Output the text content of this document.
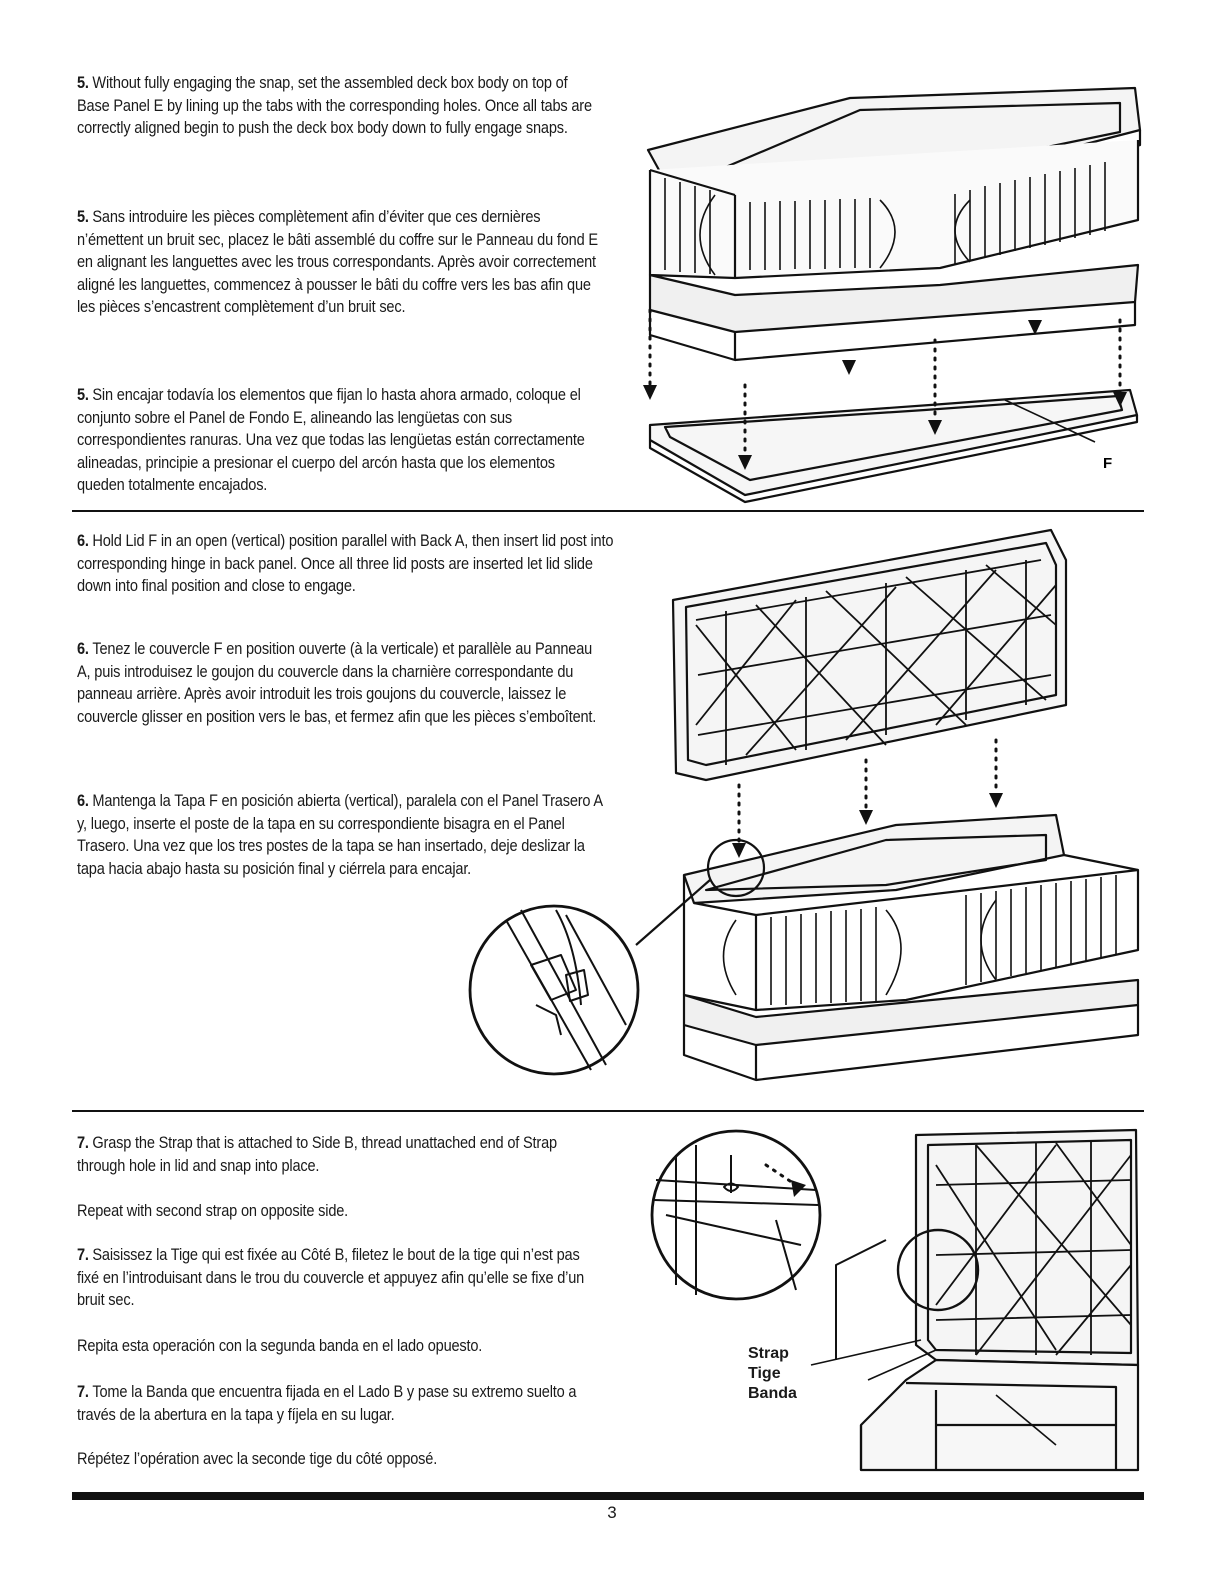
5. Without fully engaging the snap, set the assembled deck box body on top of Base Panel E by lining up the tabs with the corresponding holes. Once all tabs are correctly aligned begin to push the deck box body down to fully engage snaps.

5. Sans introduire les pièces complètement afin d’éviter que ces dernières n’émettent un bruit sec, placez le bâti assemblé du coffre sur le Panneau du fond E en alignant les languettes avec les trous correspondants. Après avoir correctement aligné les languettes, commencez à pousser le bâti du coffre vers les bas afin que les pièces s’encastrent complètement d’un bruit sec.

5. Sin encajar todavía los elementos que fijan lo hasta ahora armado, coloque el conjunto sobre el Panel de Fondo E, alineando las lengüetas con sus correspondientes ranuras. Una vez que todas las lengüetas están correctamente alineadas, principie a presionar el cuerpo del arcón hasta que los elementos queden totalmente encajados.

F

6. Hold Lid F in an open (vertical) position parallel with Back A, then insert lid post into corresponding hinge in back panel. Once all three lid posts are inserted let lid slide down into final position and close to engage.

6. Tenez le couvercle F en position ouverte (à la verticale) et parallèle au Panneau A, puis introduisez le goujon du couvercle dans la charnière correspondante du panneau arrière. Après avoir introduit les trois goujons du couvercle, laissez le couvercle glisser en position vers le bas, et fermez afin que les pièces s’emboîtent.

6. Mantenga la Tapa F en posición abierta (vertical), paralela con el Panel Trasero A y, luego, inserte el poste de la tapa en su correspondiente bisagra en el Panel Trasero. Una vez que los tres postes de la tapa se han insertado, deje deslizar la tapa hacia abajo hasta su posición final y ciérrela para encajar.

7. Grasp the Strap that is attached to Side B, thread unattached end of Strap through hole in lid and snap into place.

Repeat with second strap on opposite side.

7. Saisissez la Tige qui est fixée au Côté B, filetez le bout de la tige qui n’est pas fixé en l’introduisant dans le trou du couvercle et appuyez afin qu’elle se fixe d’un bruit sec.

Repita esta operación con la segunda banda en el lado opuesto.

7. Tome la Banda que encuentra fijada en el Lado B y pase su extremo suelto a través de la abertura en la tapa y fíjela en su lugar.

Répétez l’opération avec la seconde tige du côté opposé.

Strap
Tige
Banda
3
